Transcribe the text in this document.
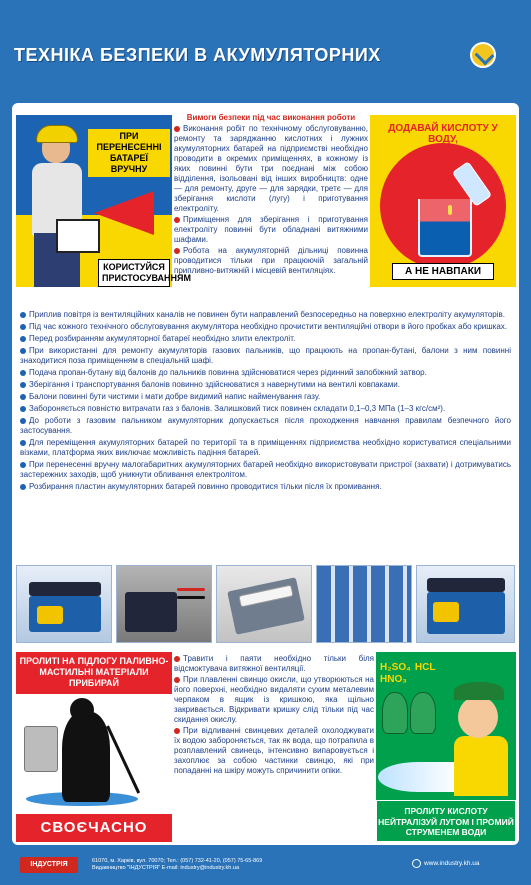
ТЕХНІКА БЕЗПЕКИ В АКУМУЛЯТОРНИХ
ПРИ ПЕРЕНЕСЕННІ БАТАРЕЇ ВРУЧНУ
КОРИСТУЙСЯ ПРИСТОСУВАННЯМ
Вимоги безпеки під час виконання роботи

Виконання робіт по технічному обслуговуванню, ремонту та заряджанню кислотних і лужних акумуляторних батарей на підприємстві необхідно проводити в окремих приміщеннях, в кожному із яких повинні бути три поєднані між собою відділення, ізольовані від інших виробництв: одне — для ремонту, друге — для зарядки, третє — для зберігання кислоти (лугу) і приготування електроліту.

Приміщення для зберігання і приготування електроліту повинні бути обладнані витяжними шафами.

Робота на акумуляторній дільниці повинна проводитися тільки при працюючій загальній припливно-витяжній і місцевій вентиляціях.

ДОДАВАЙ КИСЛОТУ У ВОДУ,
А НЕ НАВПАКИ

Приплив повітря із вентиляційних каналів не повинен бути направлений безпосередньо на поверхню електроліту акумуляторів.

Під час кожного технічного обслуговування акумулятора необхідно прочистити вентиляційні отвори в його пробках або кришках.

Перед розбиранням акумуляторної батареї необхідно злити електроліт.

При використанні для ремонту акумуляторів газових пальників, що працюють на пропан-бутані, балони з ним повинні знаходитися поза приміщенням в спеціальній шафі.

Подача пропан-бутану від балонів до пальників повинна здійснюватися через рідинний запобіжний затвор.

Зберігання і транспортування балонів повинно здійснюватися з навернутими на вентилі ковпаками.

Балони повинні бути чистими і мати добре видимий напис найменування газу.

Забороняється повністю витрачати газ з балонів. Залишковий тиск повинен складати 0,1–0,3 МПа (1–3 кгс/см²).

До роботи з газовим пальником акумуляторник допускається після проходження навчання правилам безпечного його застосування.

Для переміщення акумуляторних батарей по території та в приміщеннях підприємства необхідно користуватися спеціальними візками, платформа яких виключає можливість падіння батарей.

При перенесенні вручну малогабаритних акумуляторних батарей необхідно використовувати пристрої (захвати) і дотримуватись застережних заходів, щоб уникнути обливання електролітом.

Розбирання пластин акумуляторних батарей повинно проводитися тільки після їх промивання.

ПРОЛИТІ НА ПІДЛОГУ ПАЛИВНО-МАСТИЛЬНІ МАТЕРІАЛИ ПРИБИРАЙ
СВОЄЧАСНО

Травити і паяти необхідно тільки біля відсмоктувача витяжної вентиляції.

При плавленні свинцю окисли, що утворюються на його поверхні, необхідно видаляти сухим металевим черпаком в ящик із кришкою, яка щільно закривається. Відкривати кришку слід тільки під час скидання окислу.

При відливанні свинцевих деталей охолоджувати їх водою забороняється, так як вода, що потрапила в розплавлений свинець, інтенсивно випаровується і захоплює за собою частинки свинцю, які при попаданні на шкіру можуть спричинити опіки.

H₂SO₄ HCL
HNO₃
ПРОЛИТУ КИСЛОТУ НЕЙТРАЛІЗУЙ ЛУГОМ І ПРОМИЙ СТРУМЕНЕМ ВОДИ
ІНДУСТРІЯ	61070, м. Харків, вул. 70070; Тел.: (057) 732-41-20, (057) 75-65-869
Видавництво "ІНДУСТРІЯ" E-mail: industry@industry.kh.ua
www.industry.kh.ua
